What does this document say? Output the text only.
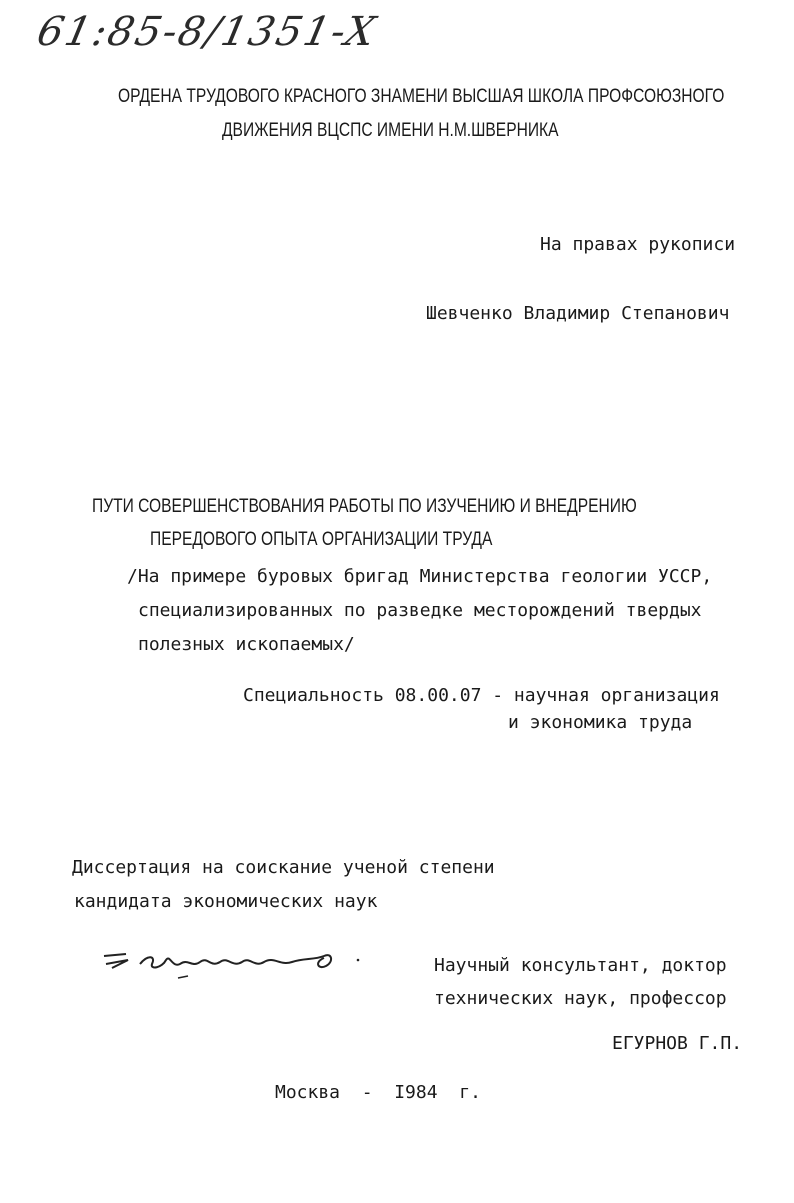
61:85-8/1351-X
ОРДЕНА ТРУДОВОГО КРАСНОГО ЗНАМЕНИ ВЫСШАЯ ШКОЛА ПРОФСОЮЗНОГО
ДВИЖЕНИЯ ВЦСПС ИМЕНИ Н.М.ШВЕРНИКА
На правах рукописи
Шевченко Владимир Степанович
ПУТИ СОВЕРШЕНСТВОВАНИЯ РАБОТЫ ПО ИЗУЧЕНИЮ И ВНЕДРЕНИЮ
ПЕРЕДОВОГО ОПЫТА ОРГАНИЗАЦИИ ТРУДА
/На примере буровых бригад Министерства геологии УССР,
специализированных по разведке месторождений твердых
полезных ископаемых/
Специальность 08.00.07 - научная организация
и экономика труда
Диссертация на соискание ученой степени
кандидата экономических наук
Научный консультант, доктор
технических наук, профессор
ЕГУРНОВ Г.П.
Москва  -  I984  г.
